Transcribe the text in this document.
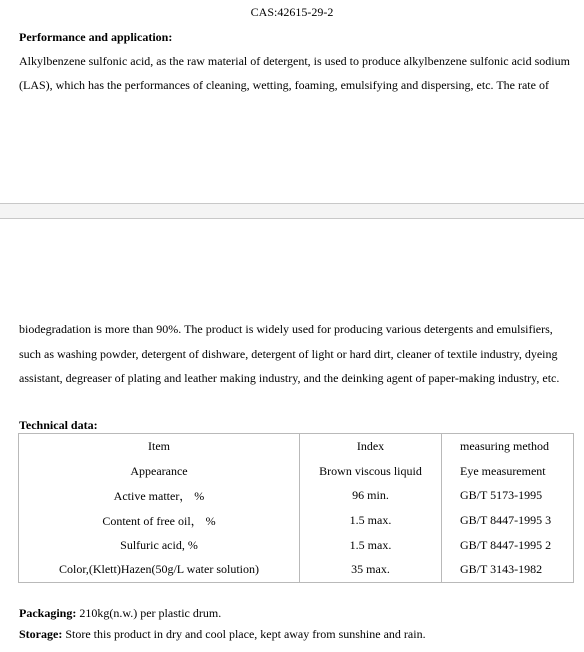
CAS:42615-29-2
Performance and application:
Alkylbenzene sulfonic acid, as the raw material of detergent, is used to produce alkylbenzene sulfonic acid sodium
(LAS), which has the performances of cleaning, wetting, foaming, emulsifying and dispersing, etc. The rate of
biodegradation is more than 90%. The product is widely used for producing various detergents and emulsifiers,
such as washing powder, detergent of dishware, detergent of light or hard dirt, cleaner of textile industry, dyeing
assistant, degreaser of plating and leather making industry, and the deinking agent of paper-making industry, etc.
Technical data:
Item	Index	measuring method
Appearance	Brown viscous liquid	Eye measurement
Active matter， %	96 min.	GB/T 5173-1995
Content of free oil， %	1.5 max.	GB/T 8447-1995 3
Sulfuric acid, %	1.5 max.	GB/T 8447-1995 2
Color,(Klett)Hazen(50g/L water solution)	35 max.	GB/T 3143-1982
Packaging: 210kg(n.w.) per plastic drum.
Storage: Store this product in dry and cool place, kept away from sunshine and rain.
